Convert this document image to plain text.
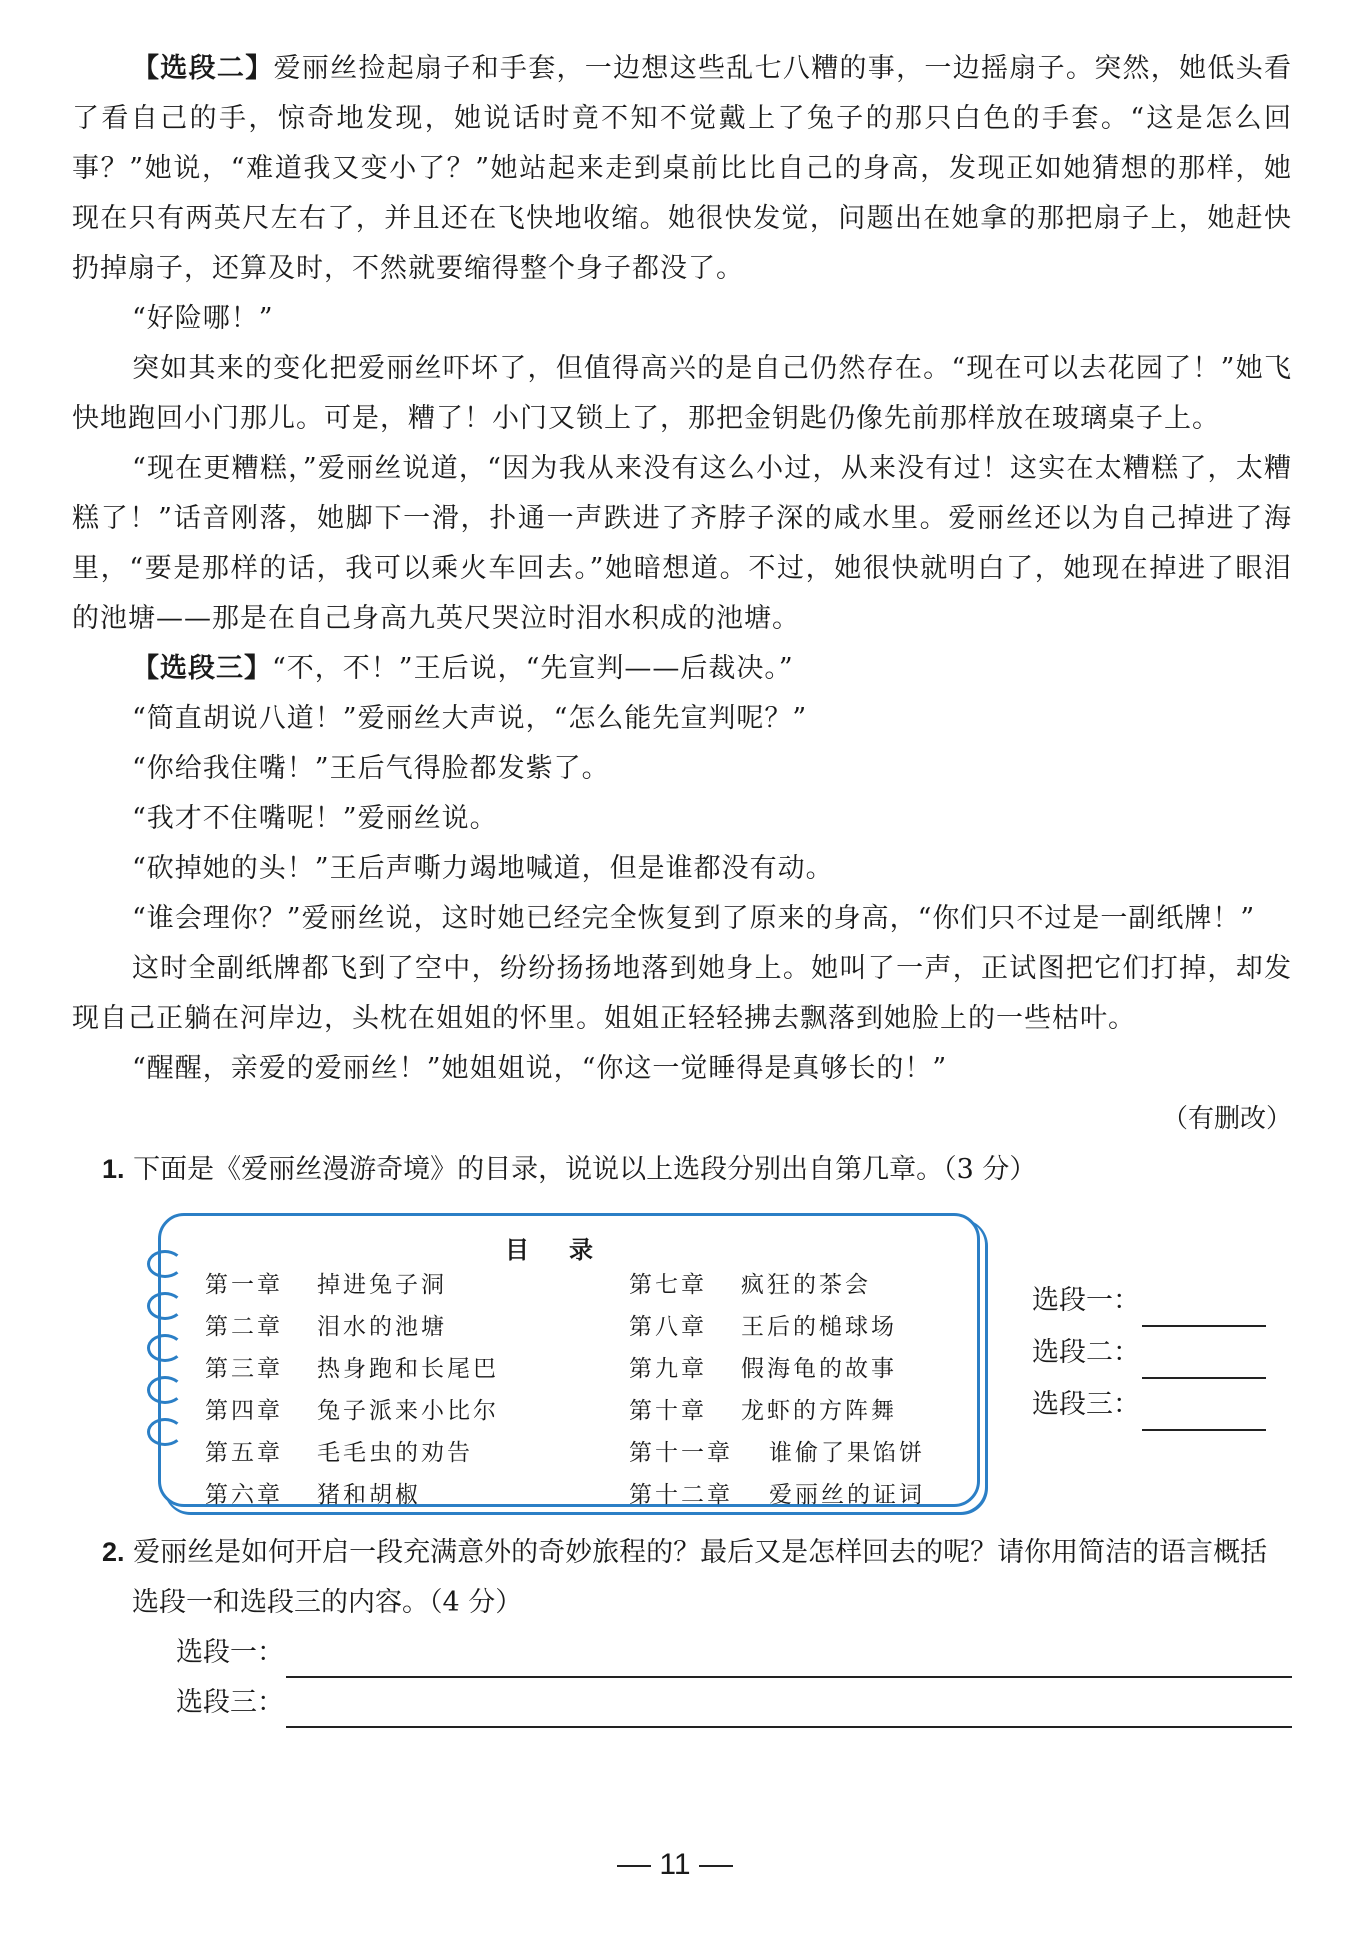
【选段二】爱丽丝捡起扇子和手套，一边想这些乱七八糟的事，一边摇扇子。突然，她低头看了看自己的手，惊奇地发现，她说话时竟不知不觉戴上了兔子的那只白色的手套。“这是怎么回事？”她说，“难道我又变小了？”她站起来走到桌前比比自己的身高，发现正如她猜想的那样，她现在只有两英尺左右了，并且还在飞快地收缩。她很快发觉，问题出在她拿的那把扇子上，她赶快扔掉扇子，还算及时，不然就要缩得整个身子都没了。

“好险哪！”

突如其来的变化把爱丽丝吓坏了，但值得高兴的是自己仍然存在。“现在可以去花园了！”她飞快地跑回小门那儿。可是，糟了！小门又锁上了，那把金钥匙仍像先前那样放在玻璃桌子上。

“现在更糟糕，”爱丽丝说道，“因为我从来没有这么小过，从来没有过！这实在太糟糕了，太糟糕了！”话音刚落，她脚下一滑，扑通一声跌进了齐脖子深的咸水里。爱丽丝还以为自己掉进了海里，“要是那样的话，我可以乘火车回去。”她暗想道。不过，她很快就明白了，她现在掉进了眼泪的池塘——那是在自己身高九英尺哭泣时泪水积成的池塘。

【选段三】“不，不！”王后说，“先宣判——后裁决。”

“简直胡说八道！”爱丽丝大声说，“怎么能先宣判呢？”

“你给我住嘴！”王后气得脸都发紫了。

“我才不住嘴呢！”爱丽丝说。

“砍掉她的头！”王后声嘶力竭地喊道，但是谁都没有动。

“谁会理你？”爱丽丝说，这时她已经完全恢复到了原来的身高，“你们只不过是一副纸牌！”

这时全副纸牌都飞到了空中，纷纷扬扬地落到她身上。她叫了一声，正试图把它们打掉，却发现自己正躺在河岸边，头枕在姐姐的怀里。姐姐正轻轻拂去飘落到她脸上的一些枯叶。

“醒醒，亲爱的爱丽丝！”她姐姐说，“你这一觉睡得是真够长的！”

（有删改）

1. 下面是《爱丽丝漫游奇境》的目录，说说以上选段分别出自第几章。（3 分）

目录
第一章	掉进兔子洞
第二章	泪水的池塘
第三章	热身跑和长尾巴
第四章	兔子派来小比尔
第五章	毛毛虫的劝告
第六章	猪和胡椒
第七章	疯狂的茶会
第八章	王后的槌球场
第九章	假海龟的故事
第十章	龙虾的方阵舞
第十一章	谁偷了果馅饼
第十二章	爱丽丝的证词
选段一：
选段二：
选段三：

2. 爱丽丝是如何开启一段充满意外的奇妙旅程的？最后又是怎样回去的呢？请你用简洁的语言概括选段一和选段三的内容。（4 分）

选段一：
选段三：
11
